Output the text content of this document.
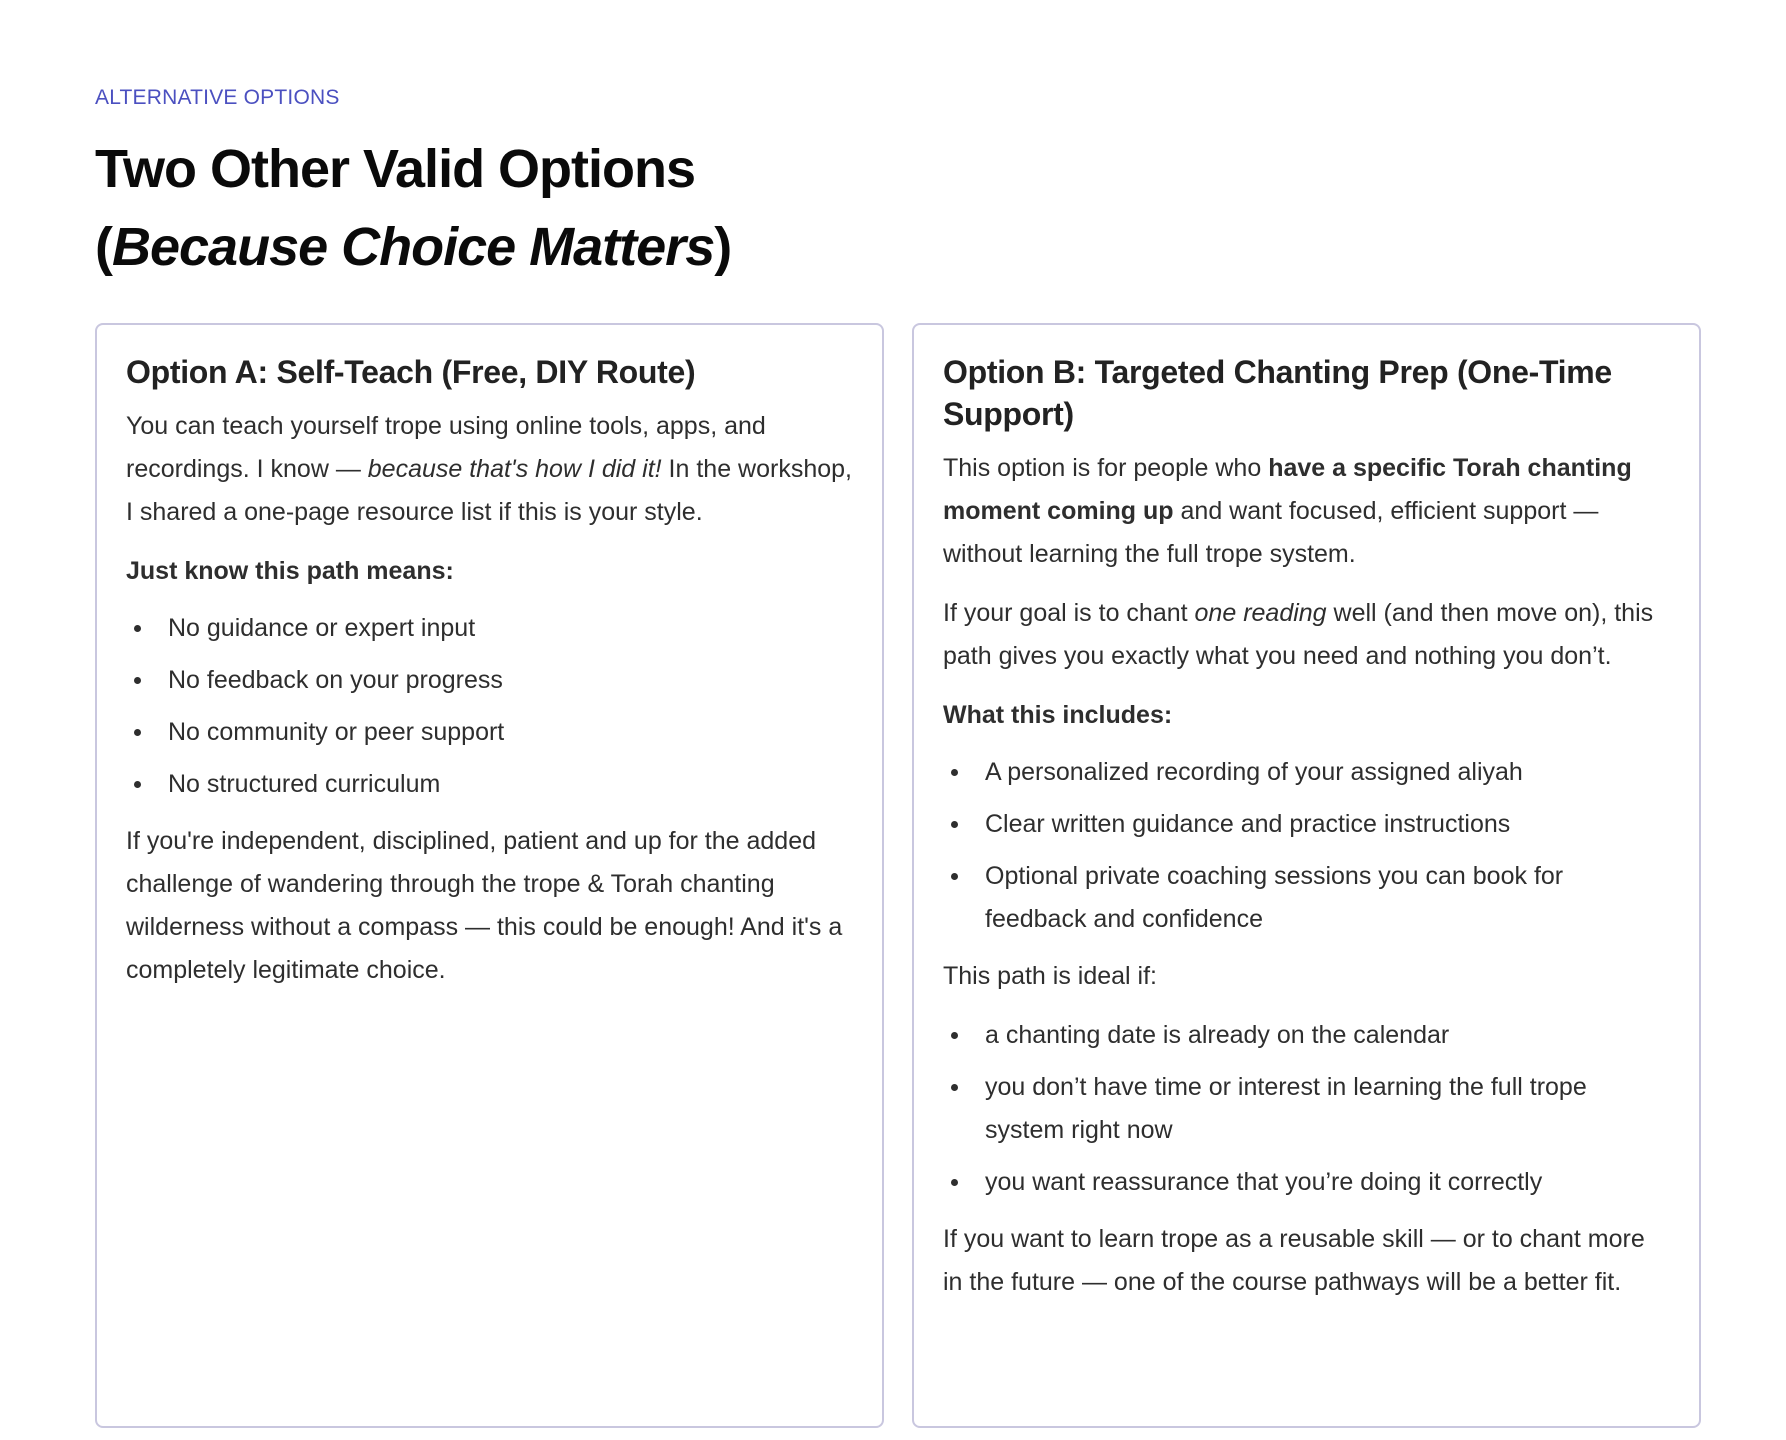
ALTERNATIVE OPTIONS
Two Other Valid Options
(Because Choice Matters)
Option A: Self-Teach (Free, DIY Route)

You can teach yourself trope using online tools, apps, and recordings. I know — because that's how I did it! In the workshop, I shared a one-page resource list if this is your style.

Just know this path means:

No guidance or expert input
No feedback on your progress
No community or peer support
No structured curriculum

If you're independent, disciplined, patient and up for the added challenge of wandering through the trope & Torah chanting wilderness without a compass — this could be enough! And it's a completely legitimate choice.

Option B: Targeted Chanting Prep (One-Time Support)

This option is for people who have a specific Torah chanting moment coming up and want focused, efficient support — without learning the full trope system.

If your goal is to chant one reading well (and then move on), this path gives you exactly what you need and nothing you don’t.

What this includes:

A personalized recording of your assigned aliyah
Clear written guidance and practice instructions
Optional private coaching sessions you can book for feedback and confidence

This path is ideal if:

a chanting date is already on the calendar
you don’t have time or interest in learning the full trope system right now
you want reassurance that you’re doing it correctly

If you want to learn trope as a reusable skill — or to chant more in the future — one of the course pathways will be a better fit.
